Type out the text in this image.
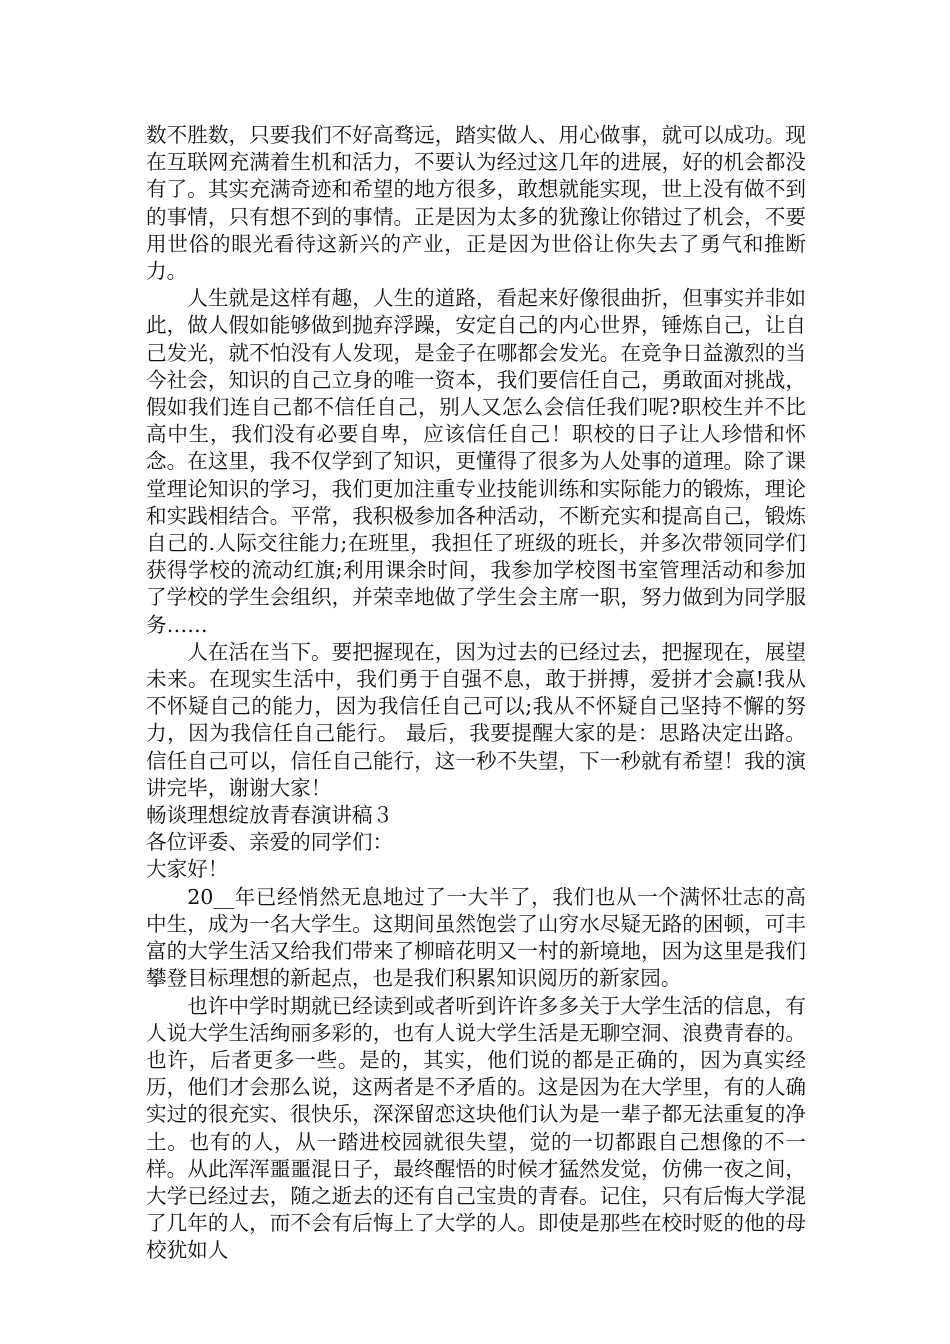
数不胜数，只要我们不好高骛远，踏实做人、用心做事，就可以成功。现在互联网充满着生机和活力，不要认为经过这几年的进展，好的机会都没有了。其实充满奇迹和希望的地方很多，敢想就能实现，世上没有做不到的事情，只有想不到的事情。正是因为太多的犹豫让你错过了机会，不要用世俗的眼光看待这新兴的产业，正是因为世俗让你失去了勇气和推断力。

人生就是这样有趣，人生的道路，看起来好像很曲折，但事实并非如此，做人假如能够做到抛弃浮躁，安定自己的内心世界，锤炼自己，让自己发光，就不怕没有人发现，是金子在哪都会发光。在竞争日益激烈的当今社会，知识的自己立身的唯一资本，我们要信任自己，勇敢面对挑战，假如我们连自己都不信任自己，别人又怎么会信任我们呢?职校生并不比高中生，我们没有必要自卑，应该信任自己！职校的日子让人珍惜和怀念。在这里，我不仅学到了知识，更懂得了很多为人处事的道理。除了课堂理论知识的学习，我们更加注重专业技能训练和实际能力的锻炼，理论和实践相结合。平常，我积极参加各种活动，不断充实和提高自己，锻炼自己的.人际交往能力;在班里，我担任了班级的班长，并多次带领同学们获得学校的流动红旗;利用课余时间，我参加学校图书室管理活动和参加了学校的学生会组织，并荣幸地做了学生会主席一职，努力做到为同学服务……

人在活在当下。要把握现在，因为过去的已经过去，把握现在，展望未来。在现实生活中，我们勇于自强不息，敢于拼搏，爱拼才会赢!我从不怀疑自己的能力，因为我信任自己可以;我从不怀疑自己坚持不懈的努力，因为我信任自己能行。 最后，我要提醒大家的是：思路决定出路。信任自己可以，信任自己能行，这一秒不失望，下一秒就有希望！我的演讲完毕，谢谢大家！

畅谈理想绽放青春演讲稿３

各位评委、亲爱的同学们：

大家好！

20__年已经悄然无息地过了一大半了，我们也从一个满怀壮志的高中生，成为一名大学生。这期间虽然饱尝了山穷水尽疑无路的困顿，可丰富的大学生活又给我们带来了柳暗花明又一村的新境地，因为这里是我们攀登目标理想的新起点，也是我们积累知识阅历的新家园。

也许中学时期就已经读到或者听到许许多多关于大学生活的信息，有人说大学生活绚丽多彩的，也有人说大学生活是无聊空洞、浪费青春的。也许，后者更多一些。是的，其实，他们说的都是正确的，因为真实经历，他们才会那么说，这两者是不矛盾的。这是因为在大学里，有的人确实过的很充实、很快乐，深深留恋这块他们认为是一辈子都无法重复的净土。也有的人，从一踏进校园就很失望，觉的一切都跟自己想像的不一样。从此浑浑噩噩混日子，最终醒悟的时候才猛然发觉，仿佛一夜之间，大学已经过去，随之逝去的还有自己宝贵的青春。记住，只有后悔大学混了几年的人，而不会有后悔上了大学的人。即使是那些在校时贬的他的母校犹如人
